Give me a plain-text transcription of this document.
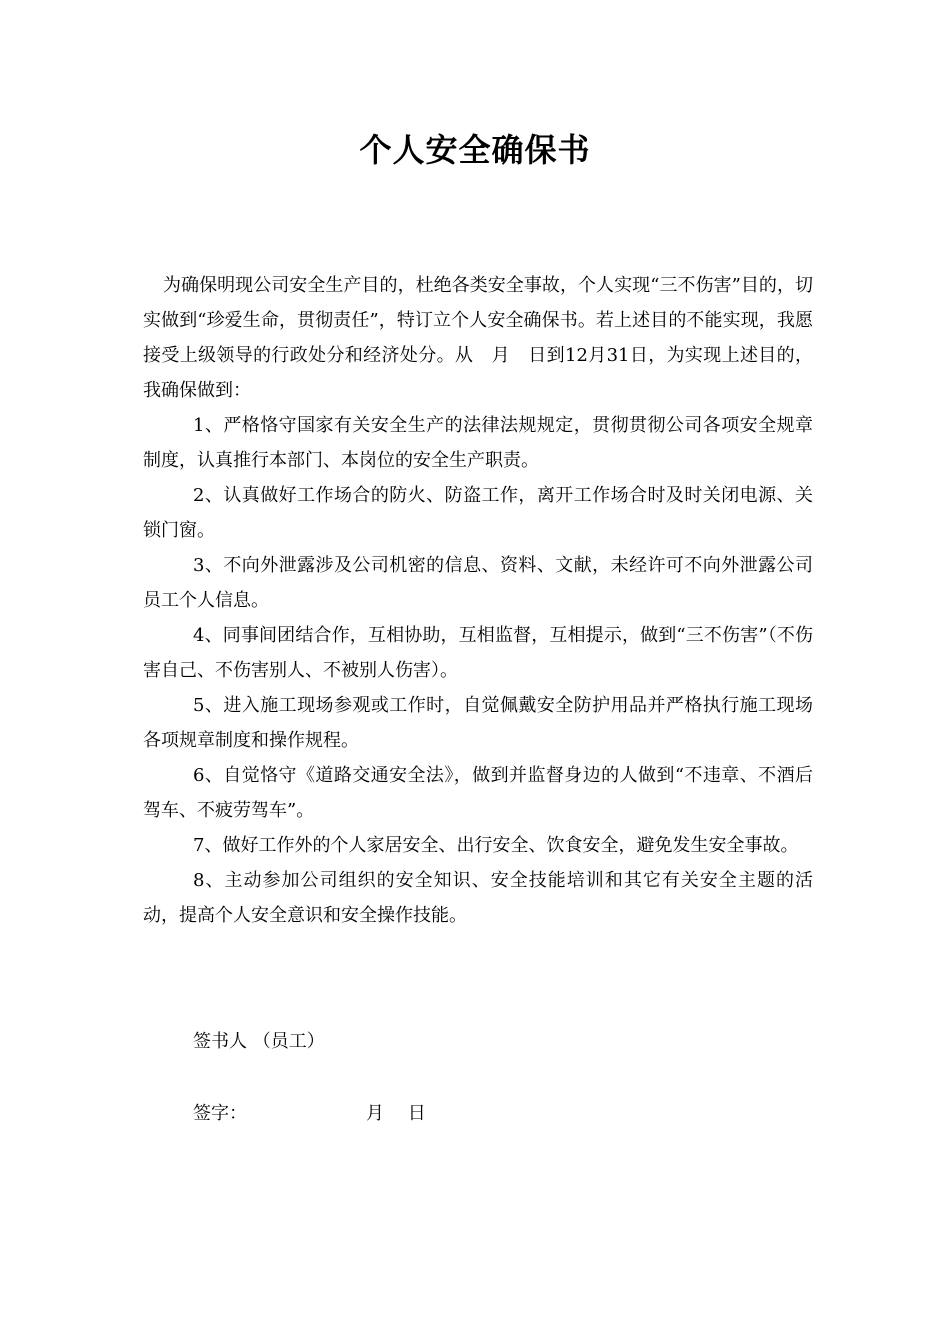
个人安全确保书

为确保明现公司安全生产目的，杜绝各类安全事故，个人实现“三不伤害”目的，切实做到“珍爱生命，贯彻责任”，特订立个人安全确保书。若上述目的不能实现，我愿接受上级领导的行政处分和经济处分。从　月　日到12月31日，为实现上述目的，我确保做到：

1、严格恪守国家有关安全生产的法律法规规定，贯彻贯彻公司各项安全规章制度，认真推行本部门、本岗位的安全生产职责。

2、认真做好工作场合的防火、防盗工作，离开工作场合时及时关闭电源、关锁门窗。

3、不向外泄露涉及公司机密的信息、资料、文献，未经许可不向外泄露公司员工个人信息。

4、同事间团结合作，互相协助，互相监督，互相提示，做到“三不伤害”（不伤害自己、不伤害别人、不被别人伤害）。

5、进入施工现场参观或工作时，自觉佩戴安全防护用品并严格执行施工现场各项规章制度和操作规程。

6、自觉恪守《道路交通安全法》，做到并监督身边的人做到“不违章、不酒后驾车、不疲劳驾车”。

7、做好工作外的个人家居安全、出行安全、饮食安全，避免发生安全事故。

8、主动参加公司组织的安全知识、安全技能培训和其它有关安全主题的活动，提高个人安全意识和安全操作技能。

签书人 （员工）
签字：	月　 日
